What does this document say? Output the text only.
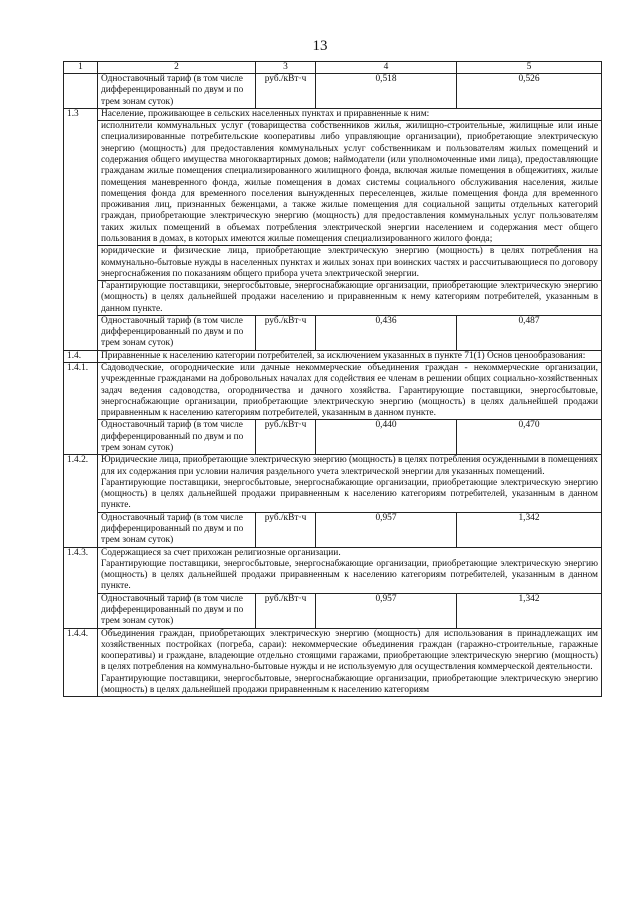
13
1	2	3	4	5
	Одноставочный тариф (в том числе дифференцированный по двум и по трем зонам суток)	руб./кВт·ч	0,518	0,526
1.3	Население, проживающее в сельских населенных пунктах и приравненные к ним:			
	исполнители коммунальных услуг (товарищества собственников жилья, жилищно-строительные, жилищные или иные специализированные потребительские кооперативы либо управляющие организации), приобретающие электрическую энергию (мощность) для предоставления коммунальных услуг собственникам и пользователям жилых помещений и содержания общего имущества многоквартирных домов; наймодатели (или уполномоченные ими лица), предоставляющие гражданам жилые помещения специализированного жилищного фонда, включая жилые помещения в общежитиях, жилые помещения маневренного фонда, жилые помещения в домах системы социального обслуживания населения, жилые помещения фонда для временного поселения вынужденных переселенцев, жилые помещения фонда для временного проживания лиц, признанных беженцами, а также жилые помещения для социальной защиты отдельных категорий граждан, приобретающие электрическую энергию (мощность) для предоставления коммунальных услуг пользователям таких жилых помещений в объемах потребления электрической энергии населением и содержания мест общего пользования в домах, в которых имеются жилые помещения специализированного жилого фонда;			
	юридические и физические лица, приобретающие электрическую энергию (мощность) в целях потребления на коммунально-бытовые нужды в населенных пунктах и жилых зонах при воинских частях и рассчитывающиеся по договору энергоснабжения по показаниям общего прибора учета электрической энергии.			
	Гарантирующие поставщики, энергосбытовые, энергоснабжающие организации, приобретающие электрическую энергию (мощность) в целях дальнейшей продажи населению и приравненным к нему категориям потребителей, указанным в данном пункте.			
	Одноставочный тариф (в том числе дифференцированный по двум и по трем зонам суток)	руб./кВт·ч	0,436	0,487
1.4.	Приравненные к населению категории потребителей, за исключением указанных в пункте 71(1) Основ ценообразования:			
1.4.1.	Садоводческие, огороднические или дачные некоммерческие объединения граждан - некоммерческие организации, учрежденные гражданами на добровольных началах для содействия ее членам в решении общих социально-хозяйственных задач ведения садоводства, огородничества и дачного хозяйства. Гарантирующие поставщики, энергосбытовые, энергоснабжающие организации, приобретающие электрическую энергию (мощность) в целях дальнейшей продажи приравненным к населению категориям потребителей, указанным в данном пункте.			
	Одноставочный тариф (в том числе дифференцированный по двум и по трем зонам суток)	руб./кВт·ч	0,440	0,470
1.4.2.	Юридические лица, приобретающие электрическую энергию (мощность) в целях потребления осужденными в помещениях для их содержания при условии наличия раздельного учета электрической энергии для указанных помещений.
Гарантирующие поставщики, энергосбытовые, энергоснабжающие организации, приобретающие электрическую энергию (мощность) в целях дальнейшей продажи приравненным к населению категориям потребителей, указанным в данном пункте.			
	Одноставочный тариф (в том числе дифференцированный по двум и по трем зонам суток)	руб./кВт·ч	0,957	1,342
1.4.3.	Содержащиеся за счет прихожан религиозные организации.
Гарантирующие поставщики, энергосбытовые, энергоснабжающие организации, приобретающие электрическую энергию (мощность) в целях дальнейшей продажи приравненным к населению категориям потребителей, указанным в данном пункте.			
	Одноставочный тариф (в том числе дифференцированный по двум и по трем зонам суток)	руб./кВт·ч	0,957	1,342
1.4.4.	Объединения граждан, приобретающих электрическую энергию (мощность) для использования в принадлежащих им хозяйственных постройках (погреба, сараи): некоммерческие объединения граждан (гаражно-строительные, гаражные кооперативы) и граждане, владеющие отдельно стоящими гаражами, приобретающие электрическую энергию (мощность) в целях потребления на коммунально-бытовые нужды и не используемую для осуществления коммерческой деятельности.
Гарантирующие поставщики, энергосбытовые, энергоснабжающие организации, приобретающие электрическую энергию (мощность) в целях дальнейшей продажи приравненным к населению категориям			
